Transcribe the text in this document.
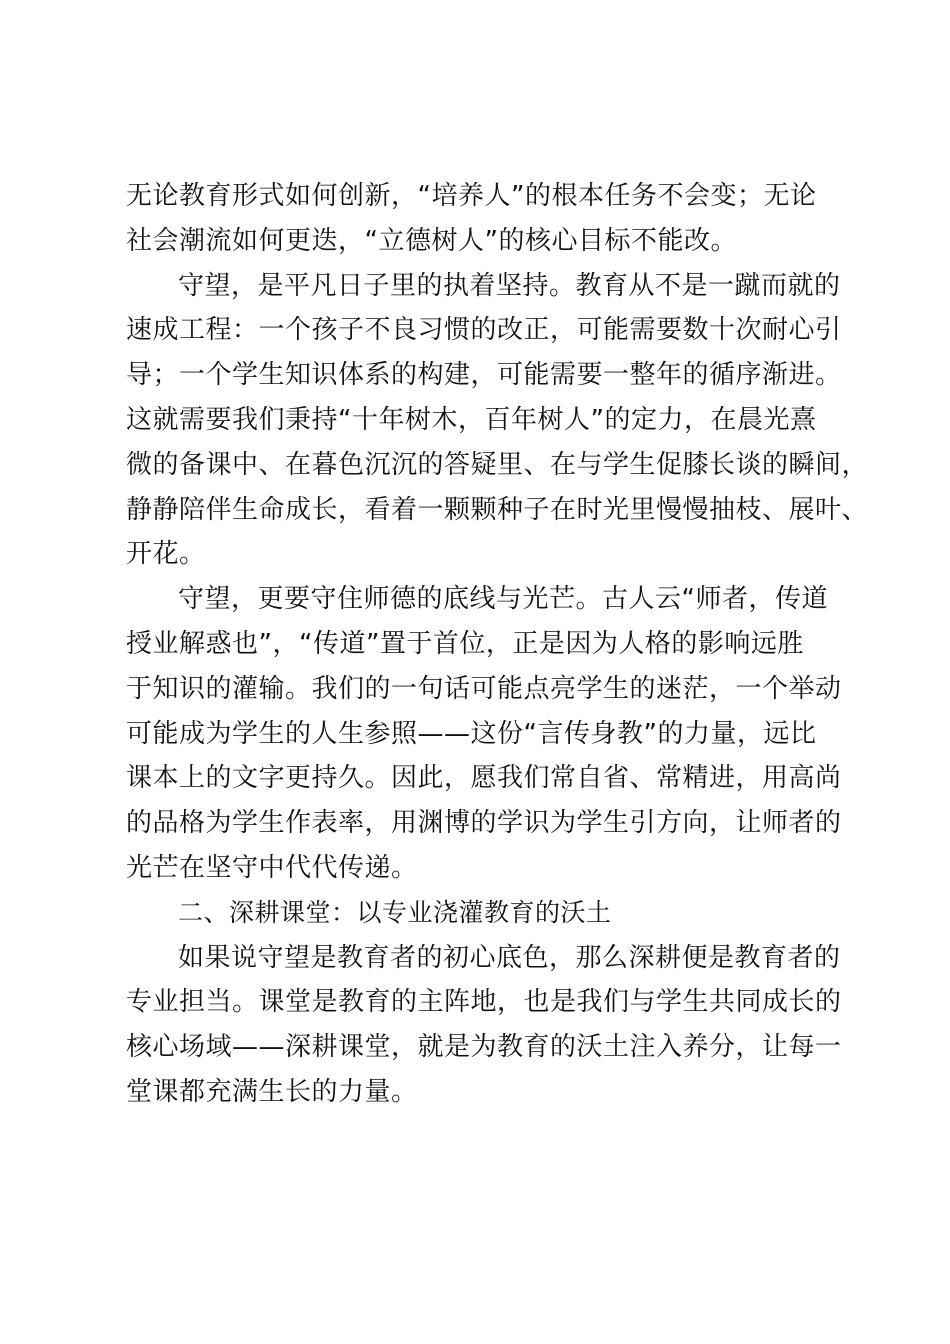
无论教育形式如何创新，“培养人”的根本任务不会变；无论
社会潮流如何更迭，“立德树人”的核心目标不能改。
守望，是平凡日子里的执着坚持。教育从不是一蹴而就的
速成工程：一个孩子不良习惯的改正，可能需要数十次耐心引
导；一个学生知识体系的构建，可能需要一整年的循序渐进。
这就需要我们秉持“十年树木，百年树人”的定力，在晨光熹
微的备课中、在暮色沉沉的答疑里、在与学生促膝长谈的瞬间，
静静陪伴生命成长，看着一颗颗种子在时光里慢慢抽枝、展叶、
开花。
守望，更要守住师德的底线与光芒。古人云“师者，传道
授业解惑也”，“传道”置于首位，正是因为人格的影响远胜
于知识的灌输。我们的一句话可能点亮学生的迷茫，一个举动
可能成为学生的人生参照——这份“言传身教”的力量，远比
课本上的文字更持久。因此，愿我们常自省、常精进，用高尚
的品格为学生作表率，用渊博的学识为学生引方向，让师者的
光芒在坚守中代代传递。
二、深耕课堂：以专业浇灌教育的沃土
如果说守望是教育者的初心底色，那么深耕便是教育者的
专业担当。课堂是教育的主阵地，也是我们与学生共同成长的
核心场域——深耕课堂，就是为教育的沃土注入养分，让每一
堂课都充满生长的力量。
